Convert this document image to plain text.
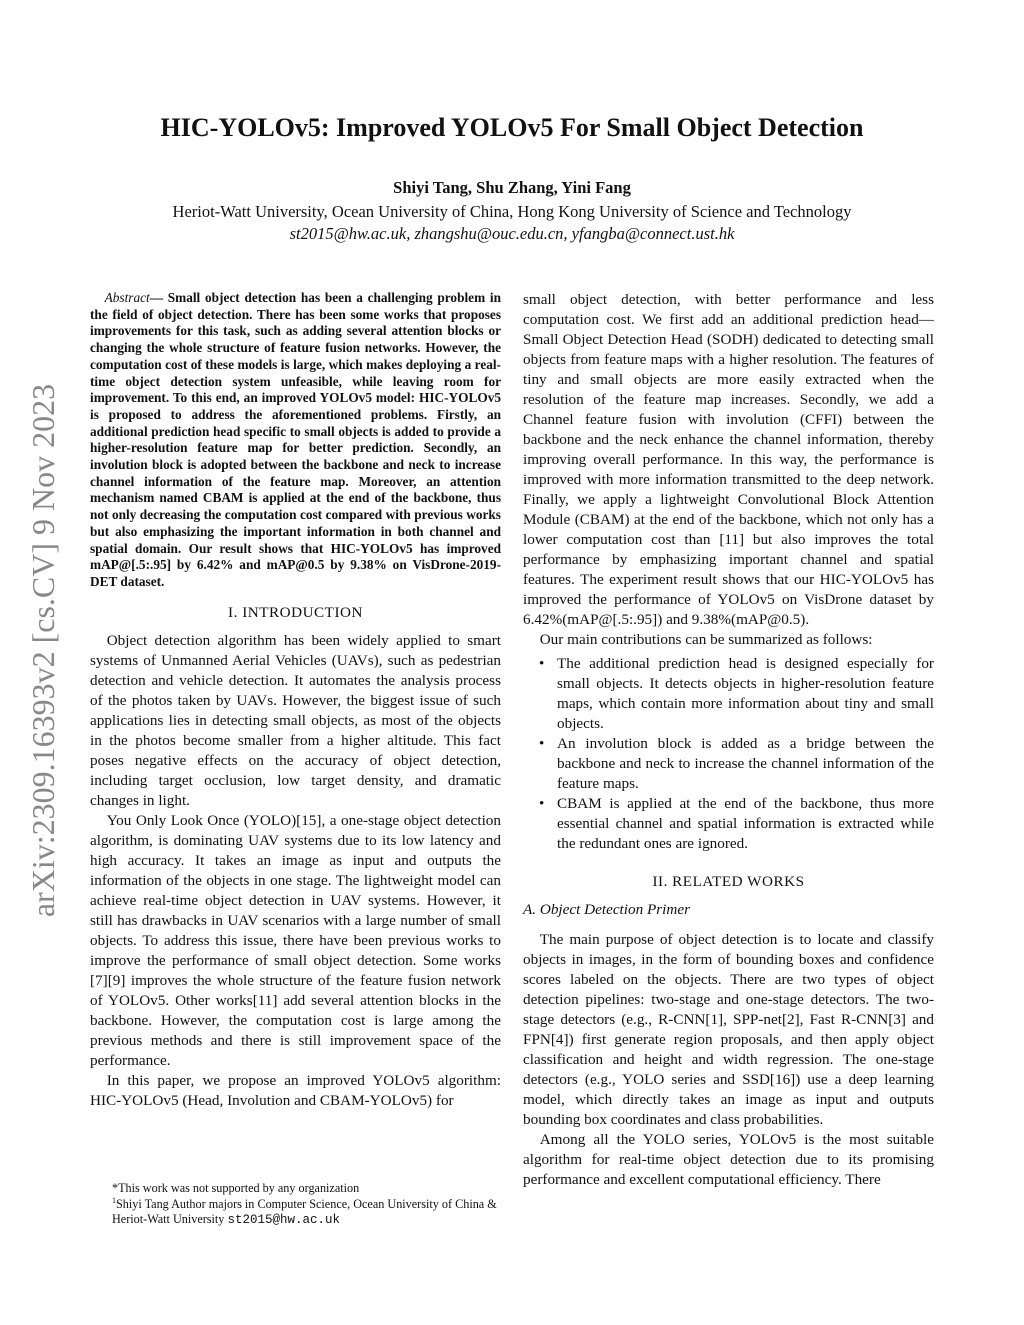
arXiv:2309.16393v2 [cs.CV] 9 Nov 2023
HIC-YOLOv5: Improved YOLOv5 For Small Object Detection

Shiyi Tang, Shu Zhang, Yini Fang

Heriot-Watt University, Ocean University of China, Hong Kong University of Science and Technology

st2015@hw.ac.uk, zhangshu@ouc.edu.cn, yfangba@connect.ust.hk

Abstract— Small object detection has been a challenging problem in the field of object detection. There has been some works that proposes improvements for this task, such as adding several attention blocks or changing the whole structure of feature fusion networks. However, the computation cost of these models is large, which makes deploying a real-time object detection system unfeasible, while leaving room for improvement. To this end, an improved YOLOv5 model: HIC-YOLOv5 is proposed to address the aforementioned problems. Firstly, an additional prediction head specific to small objects is added to provide a higher-resolution feature map for better prediction. Secondly, an involution block is adopted between the backbone and neck to increase channel information of the feature map. Moreover, an attention mechanism named CBAM is applied at the end of the backbone, thus not only decreasing the computation cost compared with previous works but also emphasizing the important information in both channel and spatial domain. Our result shows that HIC-YOLOv5 has improved mAP@[.5:.95] by 6.42% and mAP@0.5 by 9.38% on VisDrone-2019-DET dataset.

I. INTRODUCTION

Object detection algorithm has been widely applied to smart systems of Unmanned Aerial Vehicles (UAVs), such as pedestrian detection and vehicle detection. It automates the analysis process of the photos taken by UAVs. However, the biggest issue of such applications lies in detecting small objects, as most of the objects in the photos become smaller from a higher altitude. This fact poses negative effects on the accuracy of object detection, including target occlusion, low target density, and dramatic changes in light.

You Only Look Once (YOLO)[15], a one-stage object detection algorithm, is dominating UAV systems due to its low latency and high accuracy. It takes an image as input and outputs the information of the objects in one stage. The lightweight model can achieve real-time object detection in UAV systems. However, it still has drawbacks in UAV scenarios with a large number of small objects. To address this issue, there have been previous works to improve the performance of small object detection. Some works [7][9] improves the whole structure of the feature fusion network of YOLOv5. Other works[11] add several attention blocks in the backbone. However, the computation cost is large among the previous methods and there is still improvement space of the performance.

In this paper, we propose an improved YOLOv5 algorithm: HIC-YOLOv5 (Head, Involution and CBAM-YOLOv5) for

*This work was not supported by any organization

$^1$Shiyi Tang Author majors in Computer Science, Ocean University of China & Heriot-Watt University st2015@hw.ac.uk

small object detection, with better performance and less computation cost. We first add an additional prediction head—Small Object Detection Head (SODH) dedicated to detecting small objects from feature maps with a higher resolution. The features of tiny and small objects are more easily extracted when the resolution of the feature map increases. Secondly, we add a Channel feature fusion with involution (CFFI) between the backbone and the neck enhance the channel information, thereby improving overall performance. In this way, the performance is improved with more information transmitted to the deep network. Finally, we apply a lightweight Convolutional Block Attention Module (CBAM) at the end of the backbone, which not only has a lower computation cost than [11] but also improves the total performance by emphasizing important channel and spatial features. The experiment result shows that our HIC-YOLOv5 has improved the performance of YOLOv5 on VisDrone dataset by 6.42%(mAP@[.5:.95]) and 9.38%(mAP@0.5).

Our main contributions can be summarized as follows:

• The additional prediction head is designed especially for small objects. It detects objects in higher-resolution feature maps, which contain more information about tiny and small objects.
• An involution block is added as a bridge between the backbone and neck to increase the channel information of the feature maps.
• CBAM is applied at the end of the backbone, thus more essential channel and spatial information is extracted while the redundant ones are ignored.
II. RELATED WORKS
A. Object Detection Primer

The main purpose of object detection is to locate and classify objects in images, in the form of bounding boxes and confidence scores labeled on the objects. There are two types of object detection pipelines: two-stage and one-stage detectors. The two-stage detectors (e.g., R-CNN[1], SPP-net[2], Fast R-CNN[3] and FPN[4]) first generate region proposals, and then apply object classification and height and width regression. The one-stage detectors (e.g., YOLO series and SSD[16]) use a deep learning model, which directly takes an image as input and outputs bounding box coordinates and class probabilities.

Among all the YOLO series, YOLOv5 is the most suitable algorithm for real-time object detection due to its promising performance and excellent computational efficiency. There
